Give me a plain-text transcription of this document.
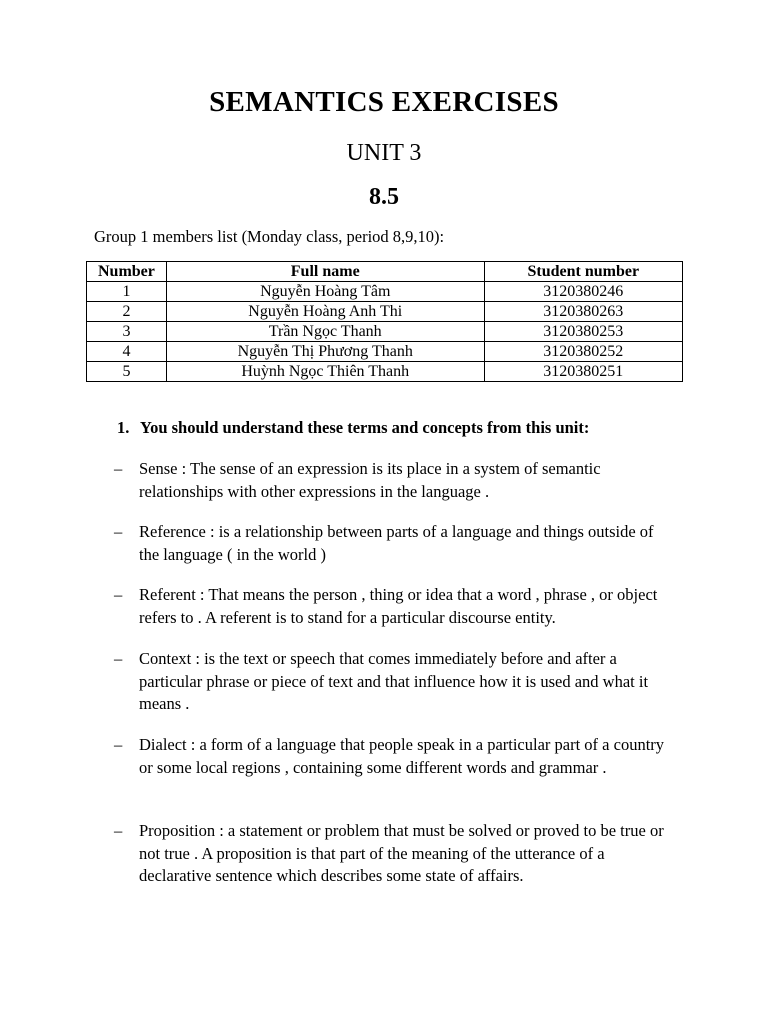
SEMANTICS EXERCISES
UNIT 3
8.5
Group 1 members list (Monday class, period 8,9,10):
Number	Full name	Student number
1	Nguyễn Hoàng Tâm	3120380246
2	Nguyễn Hoàng Anh Thi	3120380263
3	Trần Ngọc Thanh	3120380253
4	Nguyễn Thị Phương Thanh	3120380252
5	Huỳnh Ngọc Thiên Thanh	3120380251
1. You should understand these terms and concepts from this unit:
– Sense : The sense of an expression is its place in a system of semantic relationships with other expressions in the language .
– Reference : is a relationship between parts of a language and things outside of the language ( in the world )
– Referent : That means the person , thing or idea that a word , phrase , or object refers to . A referent is to stand for a particular discourse entity.
– Context : is the text or speech that comes immediately before and after a particular phrase or piece of text and that influence how it is used and what it means .
– Dialect : a form of a language that people speak in a particular part of a country or some local regions , containing some different words and grammar .
– Proposition : a statement or problem that must be solved or proved to be true or not true . A proposition is that part of the meaning of the utterance of a declarative sentence which describes some state of affairs.
